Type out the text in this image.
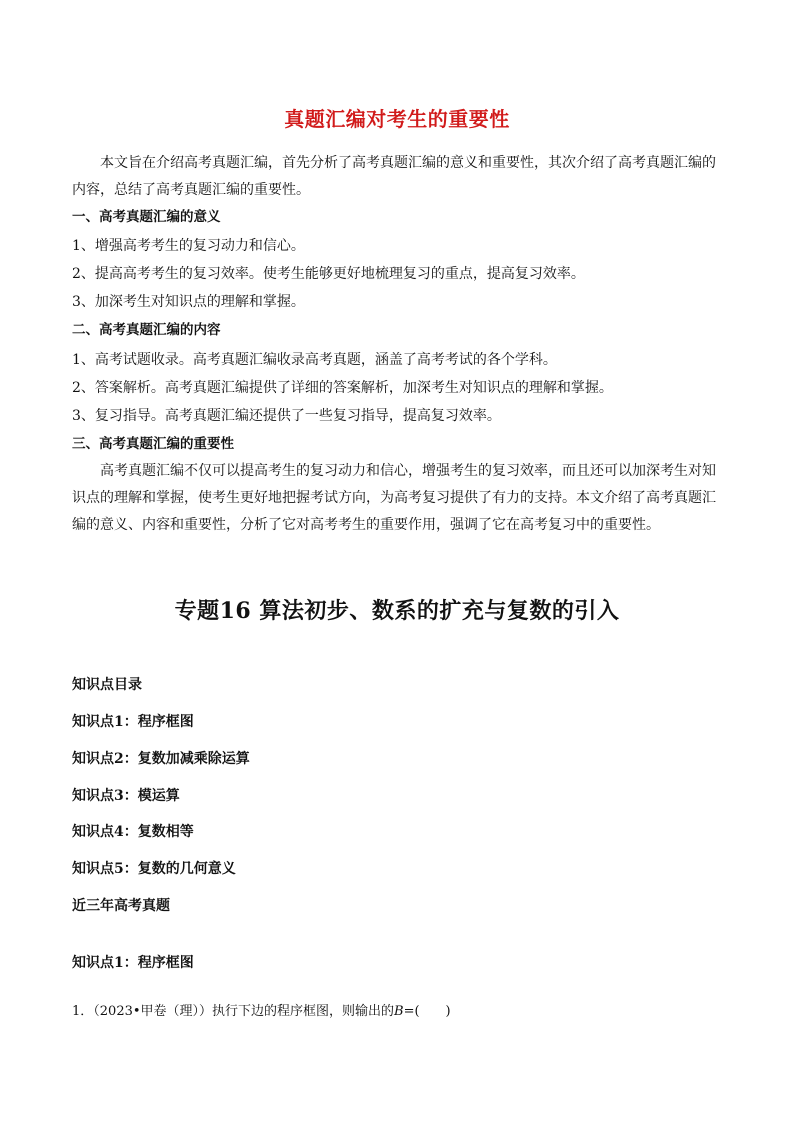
真题汇编对考生的重要性

本文旨在介绍高考真题汇编，首先分析了高考真题汇编的意义和重要性，其次介绍了高考真题汇编的内容，总结了高考真题汇编的重要性。

一、高考真题汇编的意义
1、增强高考考生的复习动力和信心。
2、提高高考考生的复习效率。使考生能够更好地梳理复习的重点，提高复习效率。
3、加深考生对知识点的理解和掌握。
二、高考真题汇编的内容
1、高考试题收录。高考真题汇编收录高考真题，涵盖了高考考试的各个学科。
2、答案解析。高考真题汇编提供了详细的答案解析，加深考生对知识点的理解和掌握。
3、复习指导。高考真题汇编还提供了一些复习指导，提高复习效率。
三、高考真题汇编的重要性

高考真题汇编不仅可以提高考生的复习动力和信心，增强考生的复习效率，而且还可以加深考生对知识点的理解和掌握，使考生更好地把握考试方向，为高考复习提供了有力的支持。本文介绍了高考真题汇编的意义、内容和重要性，分析了它对高考考生的重要作用，强调了它在高考复习中的重要性。

专题16 算法初步、数系的扩充与复数的引入
知识点目录
知识点1：程序框图
知识点2：复数加减乘除运算
知识点3：模运算
知识点4：复数相等
知识点5：复数的几何意义
近三年高考真题
知识点1：程序框图
1．（2023•甲卷（理））执行下边的程序框图，则输出的B=(　　)
